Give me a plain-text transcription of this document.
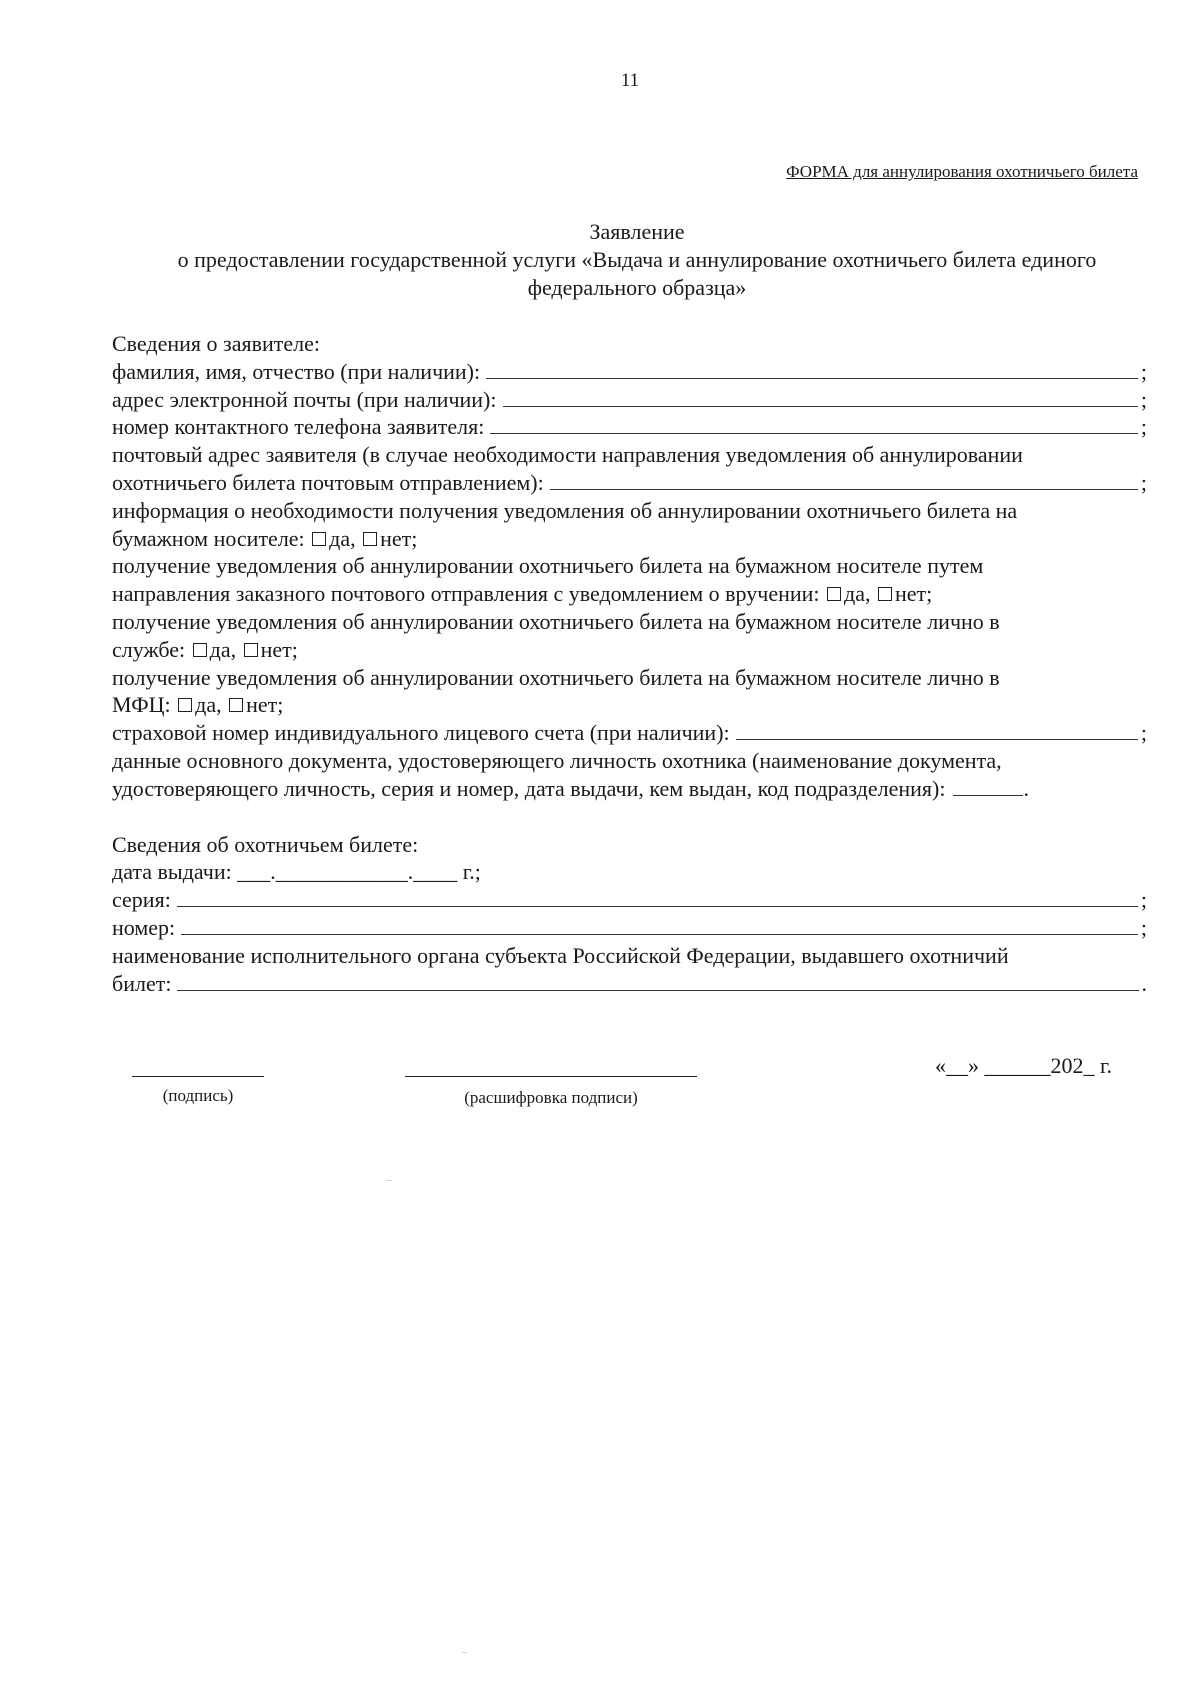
11
ФОРМА для аннулирования охотничьего билета
Заявление
о предоставлении государственной услуги «Выдача и аннулирование охотничьего билета единого
федерального образца»
Сведения о заявителе:
фамилия, имя, отчество (при наличии):	;
адрес электронной почты (при наличии):	;
номер контактного телефона заявителя:	;
почтовый адрес заявителя (в случае необходимости направления уведомления об аннулировании
охотничьего билета почтовым отправлением):	;
информация о необходимости получения уведомления об аннулировании охотничьего билета на
бумажном носителе:
да,
нет;
получение уведомления об аннулировании охотничьего билета на бумажном носителе путем
направления заказного почтового отправления с уведомлением о вручении:
да,
нет;
получение уведомления об аннулировании охотничьего билета на бумажном носителе лично в
службе:
да,
нет;
получение уведомления об аннулировании охотничьего билета на бумажном носителе лично в
МФЦ:
да,
нет;
страховой номер индивидуального лицевого счета (при наличии):	;
данные основного документа, удостоверяющего личность охотника (наименование документа,
удостоверяющего личность, серия и номер, дата выдачи, кем выдан, код подразделения):	.
Сведения об охотничьем билете:
дата выдачи:
___.____________.____ г.;
серия:	;
номер:	;
наименование исполнительного органа субъекта Российской Федерации, выдавшего охотничий
билет:	.
(подпись)	(расшифровка подписи)
«__» ______202_ г.
